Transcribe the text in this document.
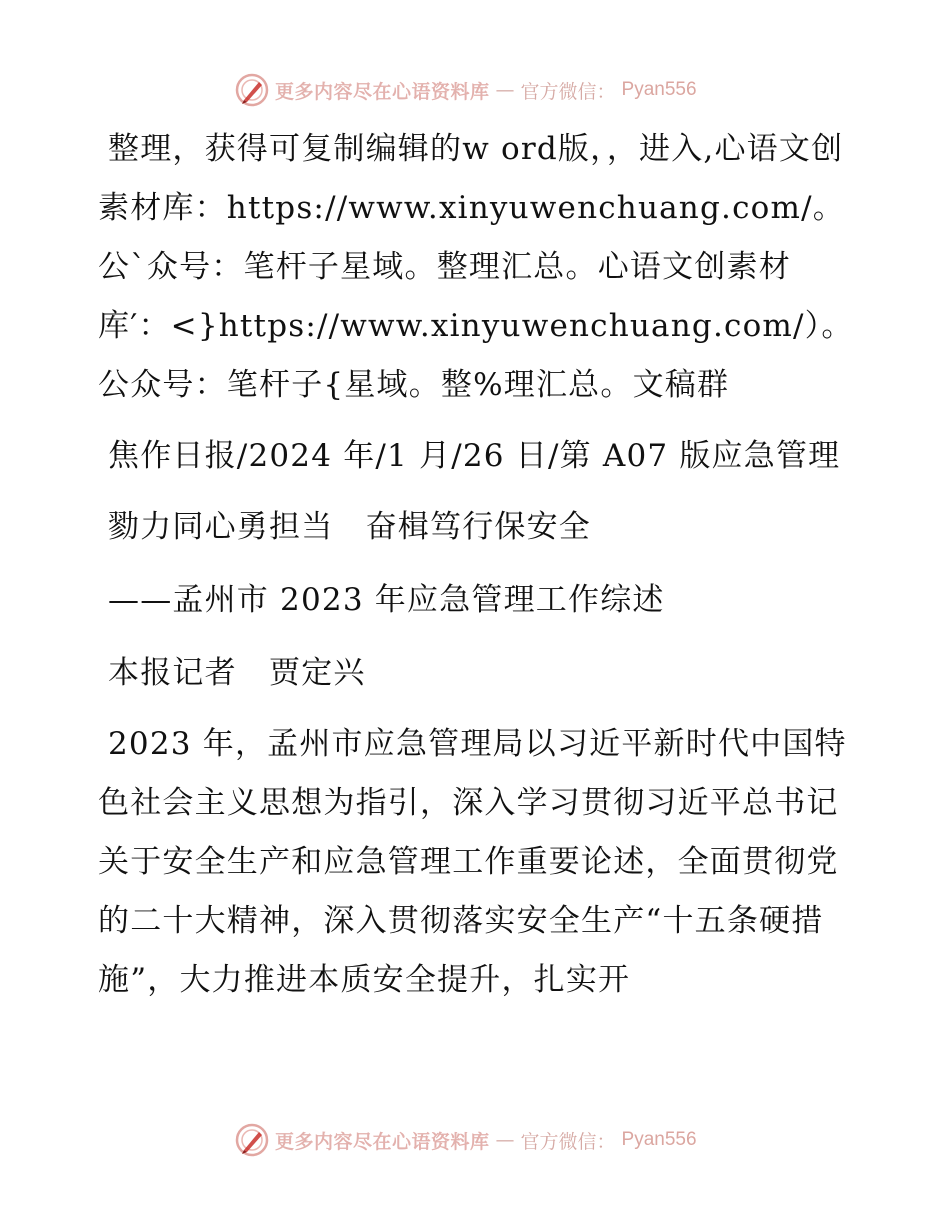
更多内容尽在心语资料库 — 官方微信： Pyan556

整理，获得可复制编辑的w ord版，，进入,心语文创素材库：https://www.xinyuwenchuang.com/。公`众号：笔杆子星域。整理汇总。心语文创素材库′：<}https://www.xinyuwenchuang.com/）。公众号：笔杆子{星域。整%理汇总。文稿群

焦作日报/2024 年/1 月/26 日/第 A07 版应急管理

勠力同心勇担当　奋楫笃行保安全

——孟州市 2023 年应急管理工作综述

本报记者　贾定兴

2023 年，孟州市应急管理局以习近平新时代中国特色社会主义思想为指引，深入学习贯彻习近平总书记关于安全生产和应急管理工作重要论述，全面贯彻党的二十大精神，深入贯彻落实安全生产“十五条硬措施”，大力推进本质安全提升，扎实开

更多内容尽在心语资料库 — 官方微信： Pyan556
